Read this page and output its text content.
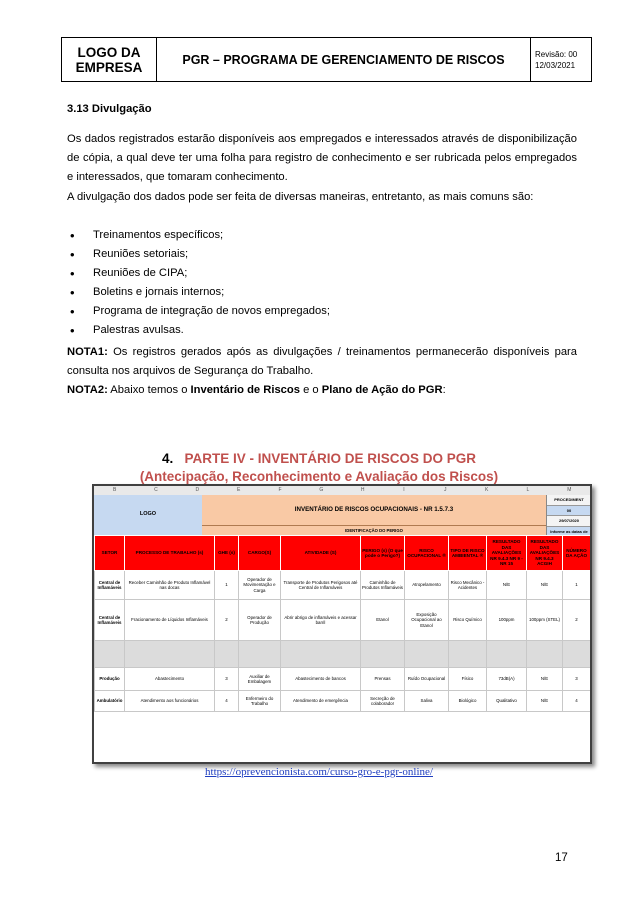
LOGO DA
EMPRESA	PGR – PROGRAMA DE GERENCIAMENTO DE RISCOS	Revisão: 00
12/03/2021
3.13 Divulgação
Os dados registrados estarão disponíveis aos empregados e interessados através de disponibilização de cópia, a qual deve ter uma folha para registro de conhecimento e ser rubricada pelos empregados e interessados, que tomaram conhecimento.
A divulgação dos dados pode ser feita de diversas maneiras, entretanto, as mais comuns são:
• Treinamentos específicos;
• Reuniões setoriais;
• Reuniões de CIPA;
• Boletins e jornais internos;
• Programa de integração de novos empregados;
• Palestras avulsas.
NOTA1: Os registros gerados após as divulgações / treinamentos permanecerão disponíveis para consulta nos arquivos de Segurança do Trabalho.
NOTA2: Abaixo temos o Inventário de Riscos e o Plano de Ação do PGR:
4. PARTE IV - INVENTÁRIO DE RISCOS DO PGR
(Antecipação, Reconhecimento e Avaliação dos Riscos)
B	C	D	E	F	G	H	I	J	K	L	M
LOGO
INVENTÁRIO DE RISCOS OCUPACIONAIS - NR 1.5.7.3
IDENTIFICAÇÃO DO PERIGO
PROCEDIMENT
00
29/07/2020
Informe as datas de
SETOR	PROCESSO DE TRABALHO (s)	GHE (s)	CARGO(S)	ATIVIDADE (S)	PERIGO (s) (O que pode o Perigo?)	RISCO OCUPACIONAL ®	TIPO DE RISCO AMBIENTAL ®	RESULTADO DAS AVALIAÇÕES NR 9.4.3 NR 9 - NR 15	RESULTADO DAS AVALIAÇÕES NR 9.4.3 ACGIH	NÚMERO DA AÇÃO
Central de Inflamáveis	Receber Caminhão de Produto Inflamável nas docas	1	Operador de Movimentação e Carga	Transporte de Produtos Perigosos até Central de Inflamáveis	Caminhão de Produtos Inflamáveis	Atropelamento	Risco Mecânico - Acidentes	N/E	N/E	1
Central de Inflamáveis	Fracionamento de Líquidos Inflamáveis	2	Operador de Produção	Abrir abrigo de inflamáveis e acessar barril	Etanol	Exposição Ocupacional ao Etanol	Risco Químico	100ppm	100ppm (STEL)	2

Produção	Abastecimento	3	Auxiliar de Embalagem	Abastecimento de bancos	Prensas	Ruído Ocupacional	Físico	73dB(A)	N/E	3
Ambulatório	Atendimento aos funcionários	4	Enfermeiro do Trabalho	Atendimento de emergência	Secreção de colaborador	Saliva	Biológico	Qualitativo	N/E	4
https://oprevencionista.com/curso-gro-e-pgr-online/
17
